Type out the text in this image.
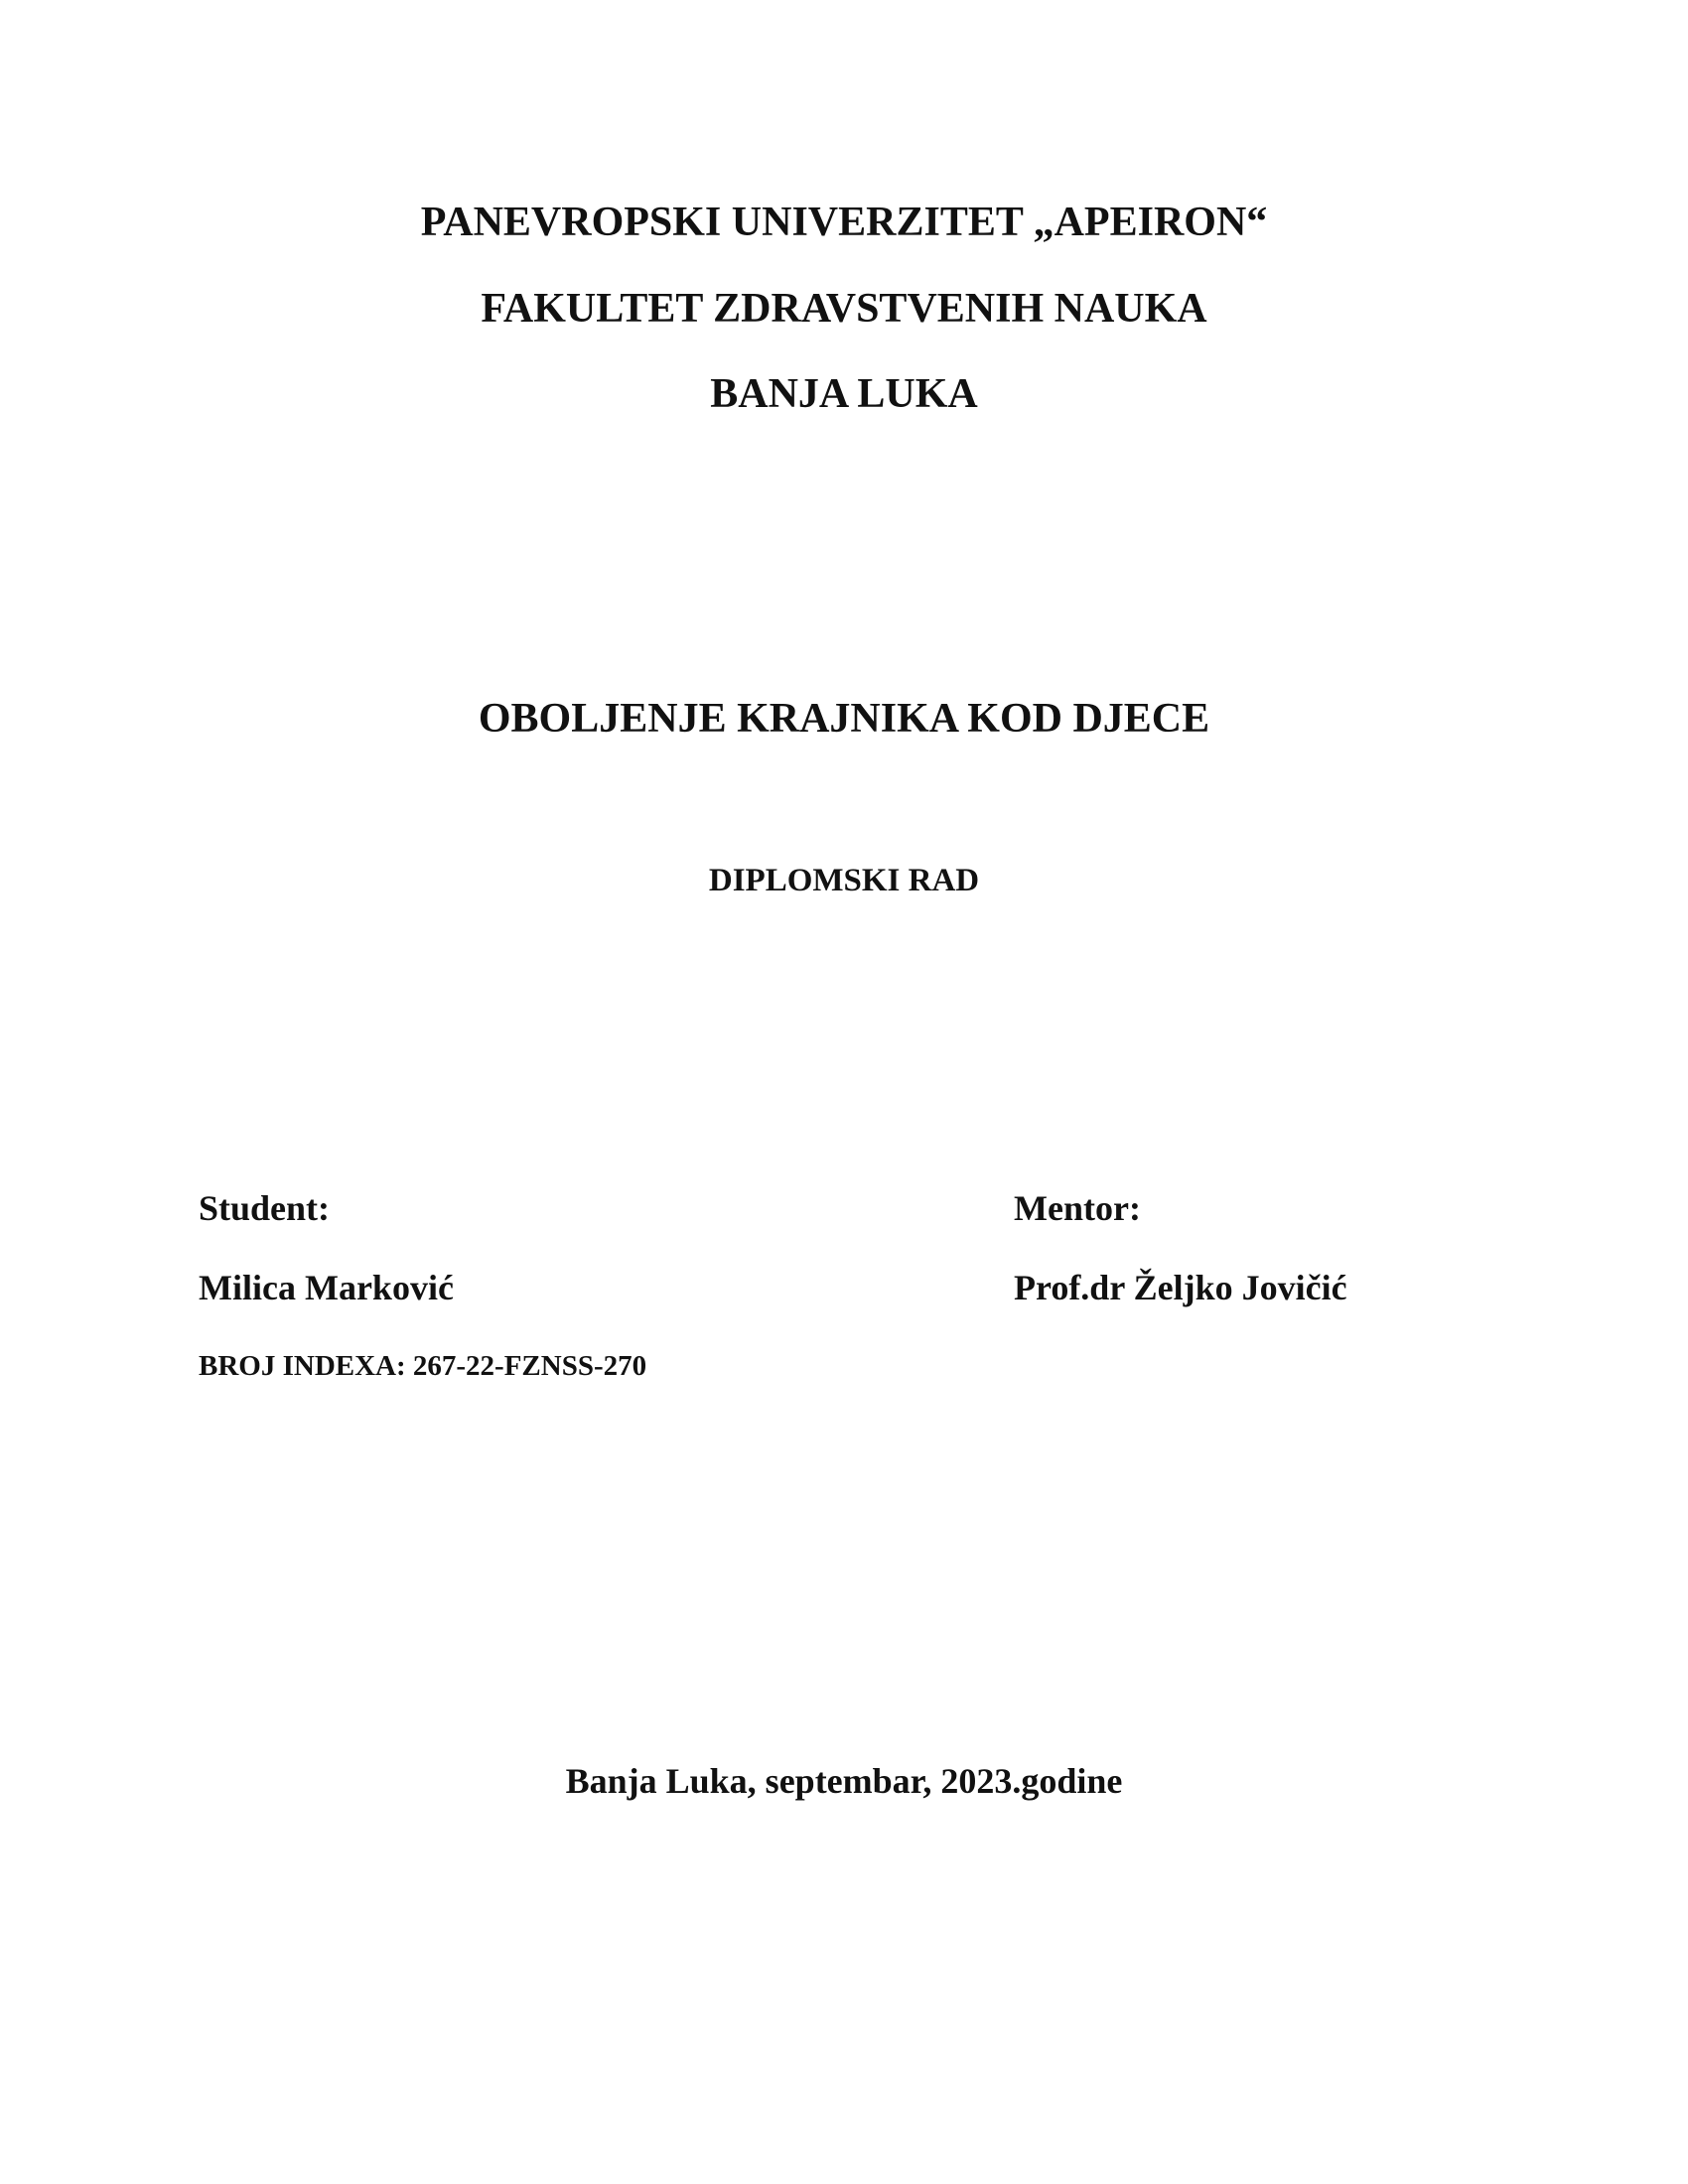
PANEVROPSKI UNIVERZITET „APEIRON“
FAKULTET ZDRAVSTVENIH NAUKA
BANJA LUKA
OBOLJENJE KRAJNIKA KOD DJECE
DIPLOMSKI RAD
Student:
Milica Marković
BROJ INDEXA: 267-22-FZNSS-270
Mentor:
Prof.dr Željko Jovičić
Banja Luka, septembar, 2023.godine
